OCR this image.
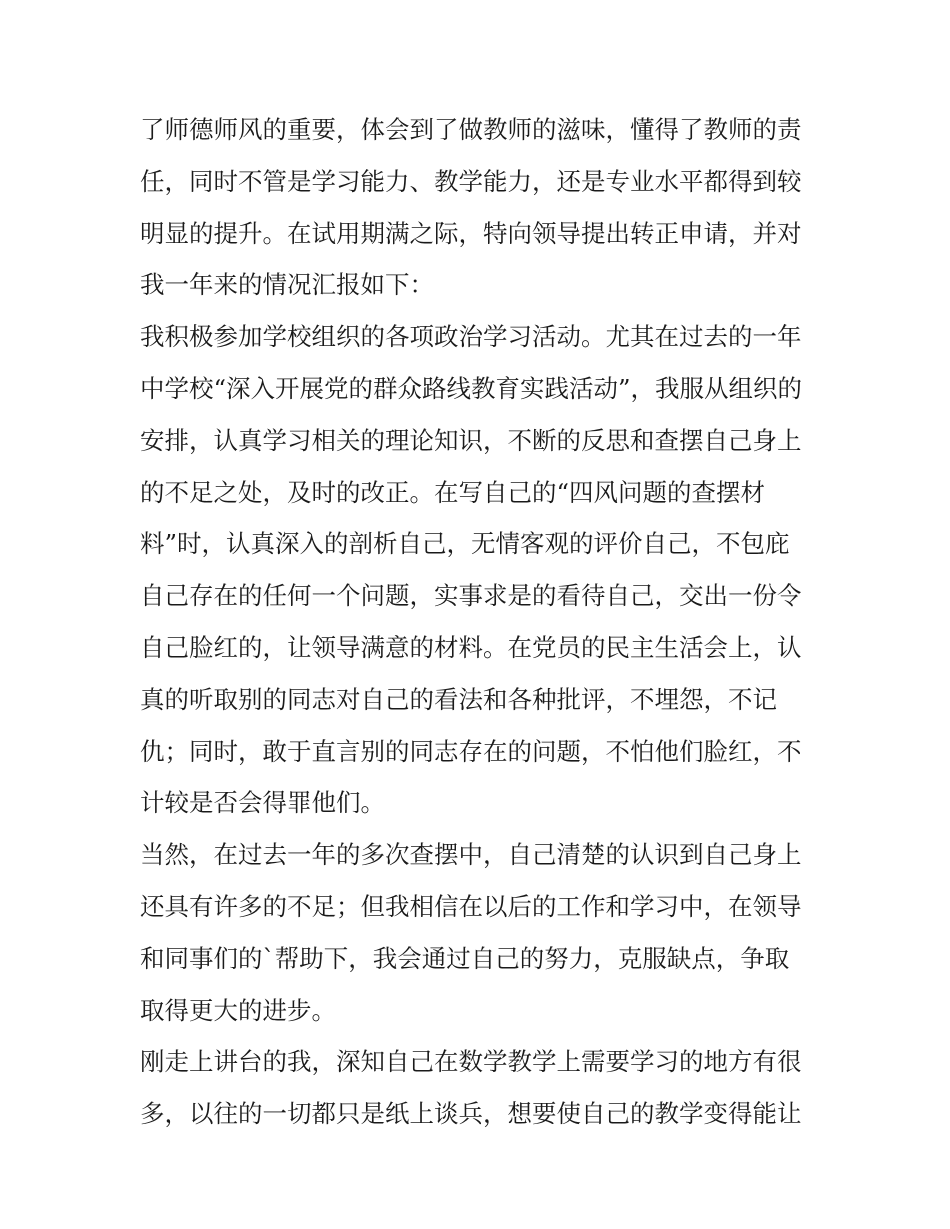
了师德师风的重要，体会到了做教师的滋味，懂得了教师的责
任，同时不管是学习能力、教学能力，还是专业水平都得到较
明显的提升。在试用期满之际，特向领导提出转正申请，并对
我一年来的情况汇报如下：
我积极参加学校组织的各项政治学习活动。尤其在过去的一年
中学校“深入开展党的群众路线教育实践活动”，我服从组织的
安排，认真学习相关的理论知识，不断的反思和查摆自己身上
的不足之处，及时的改正。在写自己的“四风问题的查摆材
料”时，认真深入的剖析自己，无情客观的评价自己，不包庇
自己存在的任何一个问题，实事求是的看待自己，交出一份令
自己脸红的，让领导满意的材料。在党员的民主生活会上，认
真的听取别的同志对自己的看法和各种批评，不埋怨，不记
仇；同时，敢于直言别的同志存在的问题，不怕他们脸红，不
计较是否会得罪他们。
当然，在过去一年的多次查摆中，自己清楚的认识到自己身上
还具有许多的不足；但我相信在以后的工作和学习中，在领导
和同事们的`帮助下，我会通过自己的努力，克服缺点，争取
取得更大的进步。
刚走上讲台的我，深知自己在数学教学上需要学习的地方有很
多，以往的一切都只是纸上谈兵，想要使自己的教学变得能让
